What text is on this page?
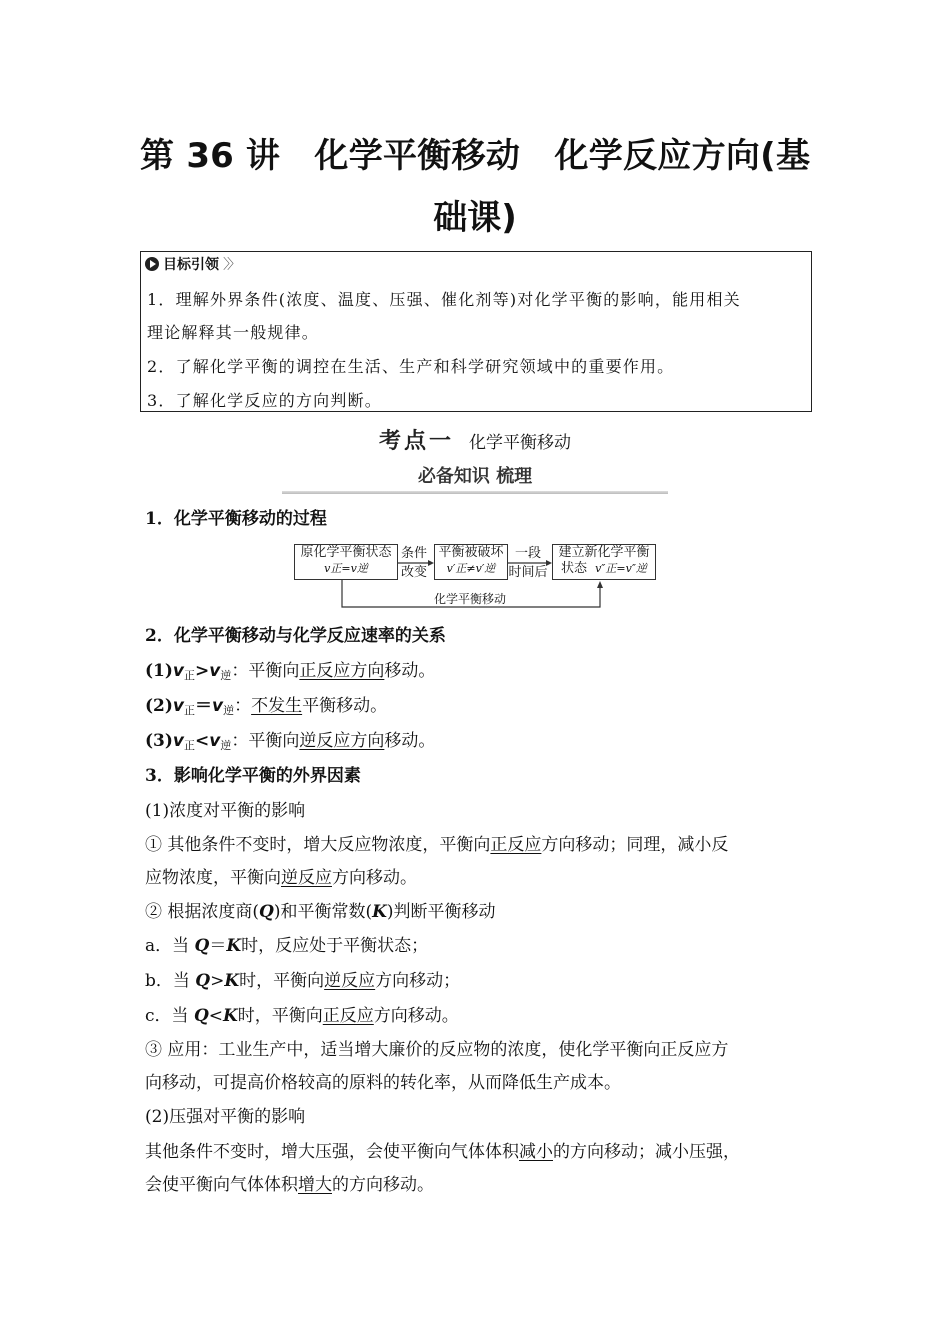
第 36 讲　化学平衡移动　化学反应方向(基
础课)
目标引领 〉〉
1．理解外界条件(浓度、温度、压强、催化剂等)对化学平衡的影响，能用相关
理论解释其一般规律。
2．了解化学平衡的调控在生活、生产和科学研究领域中的重要作用。
3．了解化学反应的方向判断。
考点一 化学平衡移动
必备知识 梳理
1．化学平衡移动的过程
原化学平衡状态
v正=v逆
条件
改变
平衡被破坏
v′正≠v′逆
一段
时间后
建立新化学平衡
状态 v″正=v″逆
化学平衡移动
2．化学平衡移动与化学反应速率的关系
$(1)v_正>v_逆$：平衡向正反应方向移动。
$(2)v_正=v_逆$：不发生平衡移动。
$(3)v_正<v_逆$：平衡向逆反应方向移动。
3．影响化学平衡的外界因素
(1)浓度对平衡的影响
① 其他条件不变时，增大反应物浓度，平衡向正反应方向移动；同理，减小反
应物浓度，平衡向逆反应方向移动。
② 根据浓度商(Q)和平衡常数(K)判断平衡移动
a．当 Q＝K时，反应处于平衡状态；
b．当 Q>K时，平衡向逆反应方向移动；
c．当 Q<K时，平衡向正反应方向移动。
③ 应用：工业生产中，适当增大廉价的反应物的浓度，使化学平衡向正反应方
向移动，可提高价格较高的原料的转化率，从而降低生产成本。
(2)压强对平衡的影响
其他条件不变时，增大压强，会使平衡向气体体积减小的方向移动；减小压强，
会使平衡向气体体积增大的方向移动。
